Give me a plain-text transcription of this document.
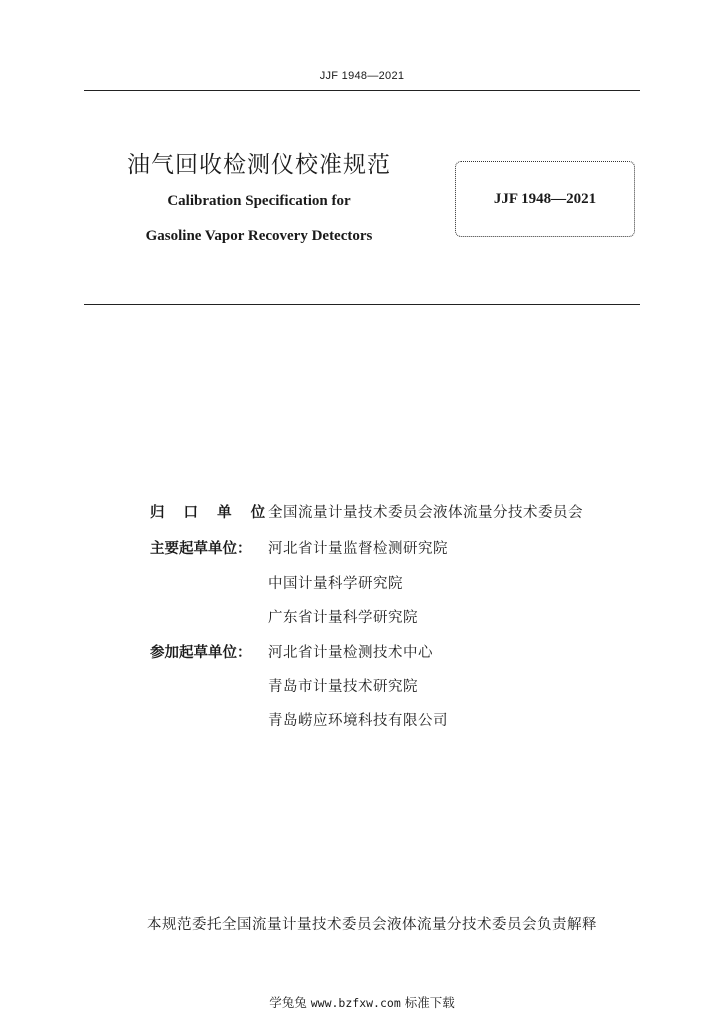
JJF 1948—2021
油气回收检测仪校准规范
Calibration Specification for
Gasoline Vapor Recovery Detectors
JJF 1948—2021
归 口 单 位：全国流量计量技术委员会液体流量分技术委员会
主要起草单位： 河北省计量监督检测研究院
中国计量科学研究院
广东省计量科学研究院
参加起草单位： 河北省计量检测技术中心
青岛市计量技术研究院
青岛崂应环境科技有限公司
本规范委托全国流量计量技术委员会液体流量分技术委员会负责解释
学兔兔 www.bzfxw.com 标准下载
